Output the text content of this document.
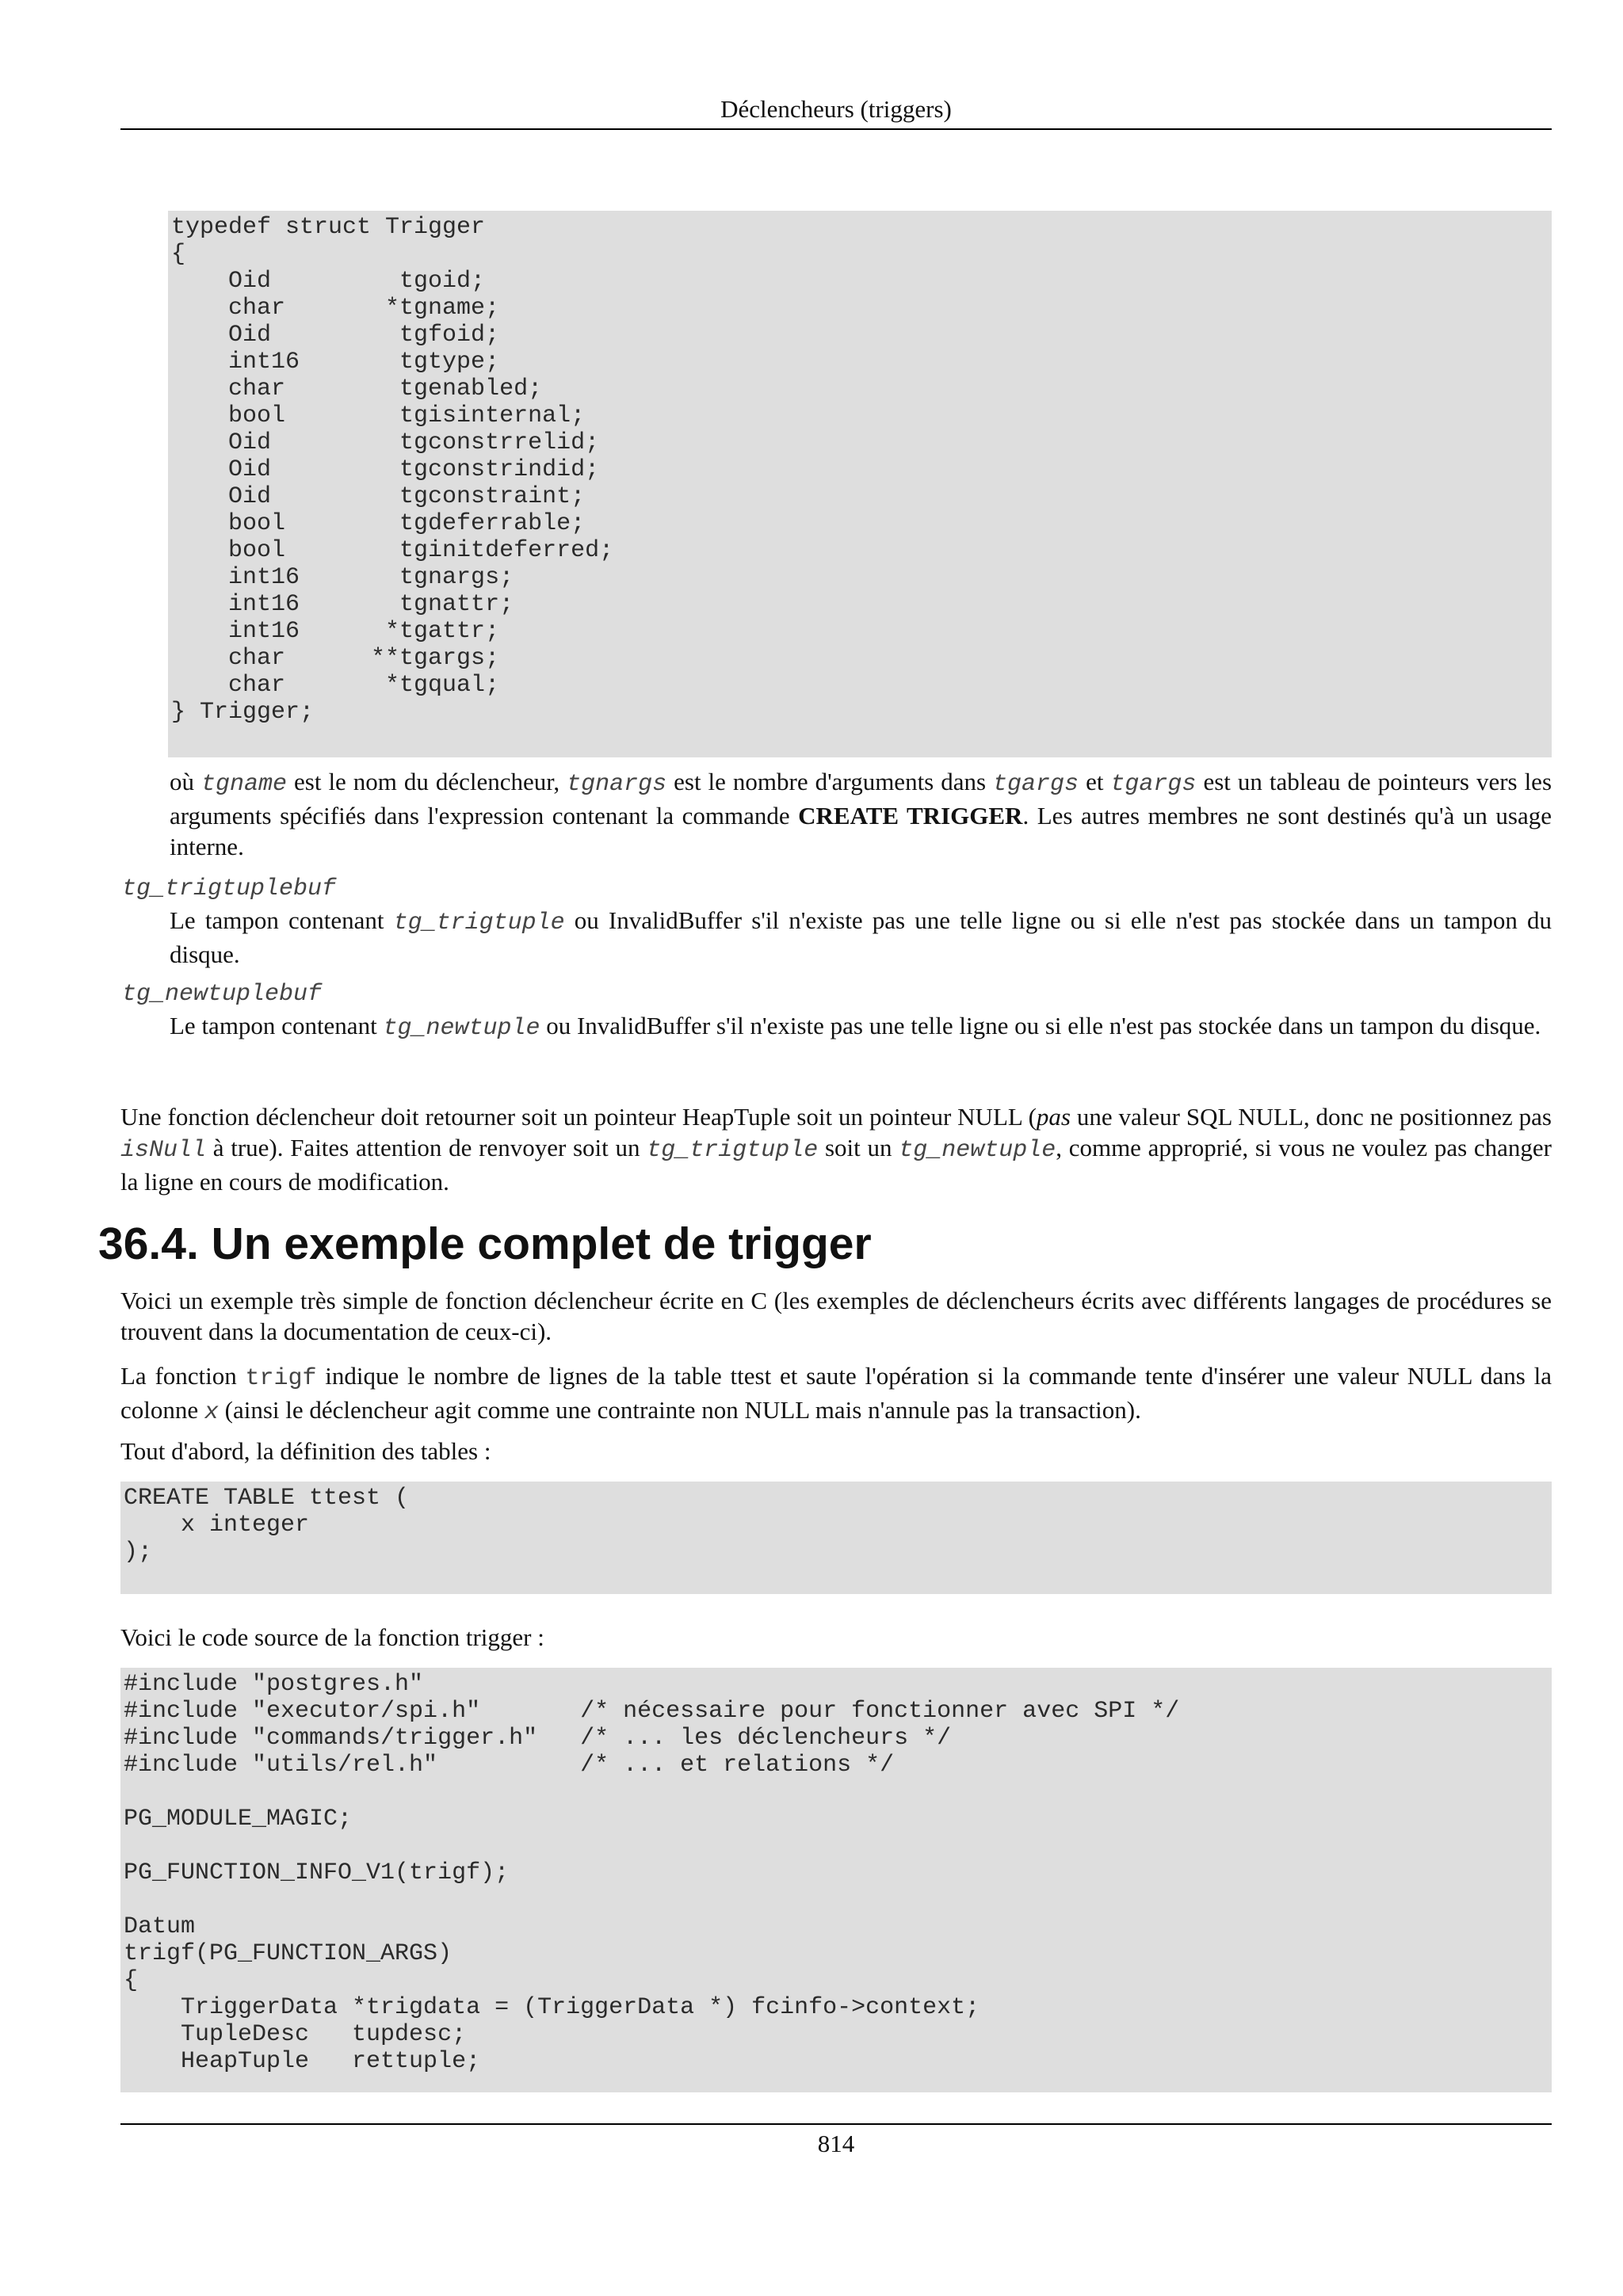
Déclencheurs (triggers)
typedef struct Trigger
{
Oid         tgoid;
char       *tgname;
Oid         tgfoid;
int16       tgtype;
char        tgenabled;
bool        tgisinternal;
Oid         tgconstrrelid;
Oid         tgconstrindid;
Oid         tgconstraint;
bool        tgdeferrable;
bool        tginitdeferred;
int16       tgnargs;
int16       tgnattr;
int16      *tgattr;
char      **tgargs;
char       *tgqual;
} Trigger;

où tgname est le nom du déclencheur, tgnargs est le nombre d'arguments dans tgargs et tgargs est un tableau de pointeurs vers les arguments spécifiés dans l'expression contenant la commande CREATE TRIGGER. Les autres membres ne sont destinés qu'à un usage interne.

tg_trigtuplebuf

Le tampon contenant tg_trigtuple ou InvalidBuffer s'il n'existe pas une telle ligne ou si elle n'est pas stockée dans un tampon du disque.

tg_newtuplebuf

Le tampon contenant tg_newtuple ou InvalidBuffer s'il n'existe pas une telle ligne ou si elle n'est pas stockée dans un tampon du disque.

Une fonction déclencheur doit retourner soit un pointeur HeapTuple soit un pointeur NULL (pas une valeur SQL NULL, donc ne positionnez pas isNull à true). Faites attention de renvoyer soit un tg_trigtuple soit un tg_newtuple, comme approprié, si vous ne voulez pas changer la ligne en cours de modification.

36.4. Un exemple complet de trigger

Voici un exemple très simple de fonction déclencheur écrite en C (les exemples de déclencheurs écrits avec différents langages de procédures se trouvent dans la documentation de ceux-ci).

La fonction trigf indique le nombre de lignes de la table ttest et saute l'opération si la commande tente d'insérer une valeur NULL dans la colonne x (ainsi le déclencheur agit comme une contrainte non NULL mais n'annule pas la transaction).

Tout d'abord, la définition des tables :

CREATE TABLE ttest (
x integer
);

Voici le code source de la fonction trigger :

#include "postgres.h"
#include "executor/spi.h"       /* nécessaire pour fonctionner avec SPI */
#include "commands/trigger.h"   /* ... les déclencheurs */
#include "utils/rel.h"          /* ... et relations */
PG_MODULE_MAGIC;
PG_FUNCTION_INFO_V1(trigf);
Datum
trigf(PG_FUNCTION_ARGS)
{
TriggerData *trigdata = (TriggerData *) fcinfo->context;
TupleDesc   tupdesc;
HeapTuple   rettuple;
814
